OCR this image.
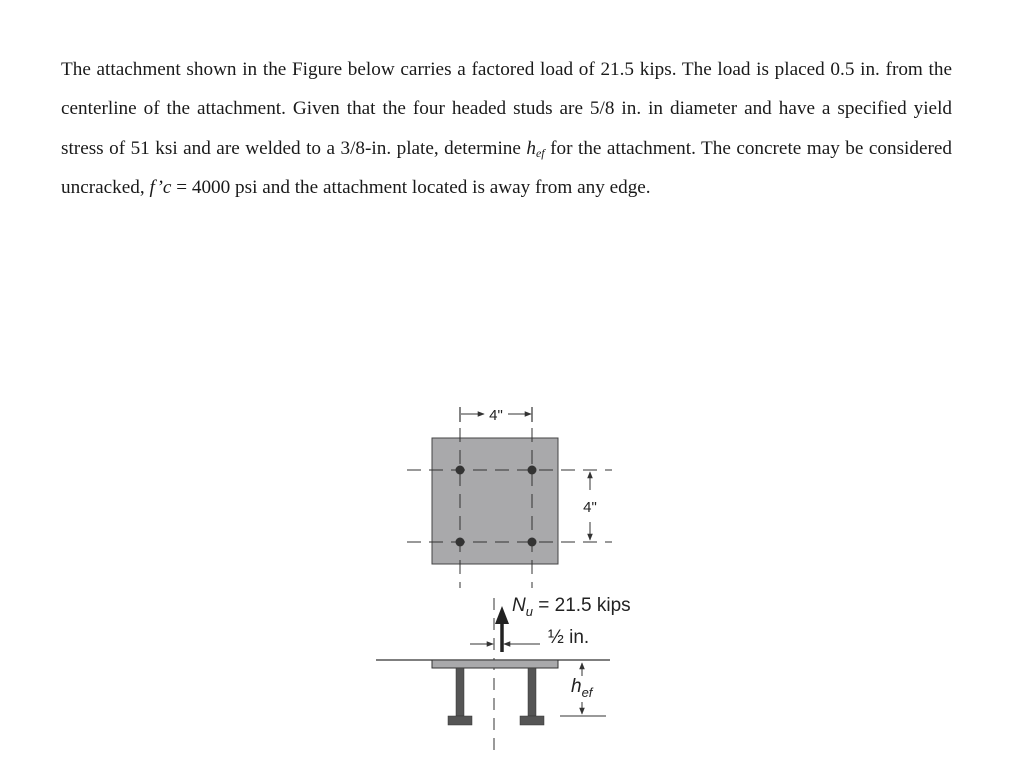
The attachment shown in the Figure below carries a factored load of 21.5 kips. The load is placed 0.5 in. from the centerline of the attachment. Given that the four headed studs are 5/8 in. in diameter and have a specified yield stress of 51 ksi and are welded to a 3/8-in. plate, determine $h_{ef}$ for the attachment. The concrete may be considered uncracked, f’c = 4000 psi and the attachment located is away from any edge.

4"
4"
$N_u = 21.5$ kips
½ in.
$h_{ef}$
